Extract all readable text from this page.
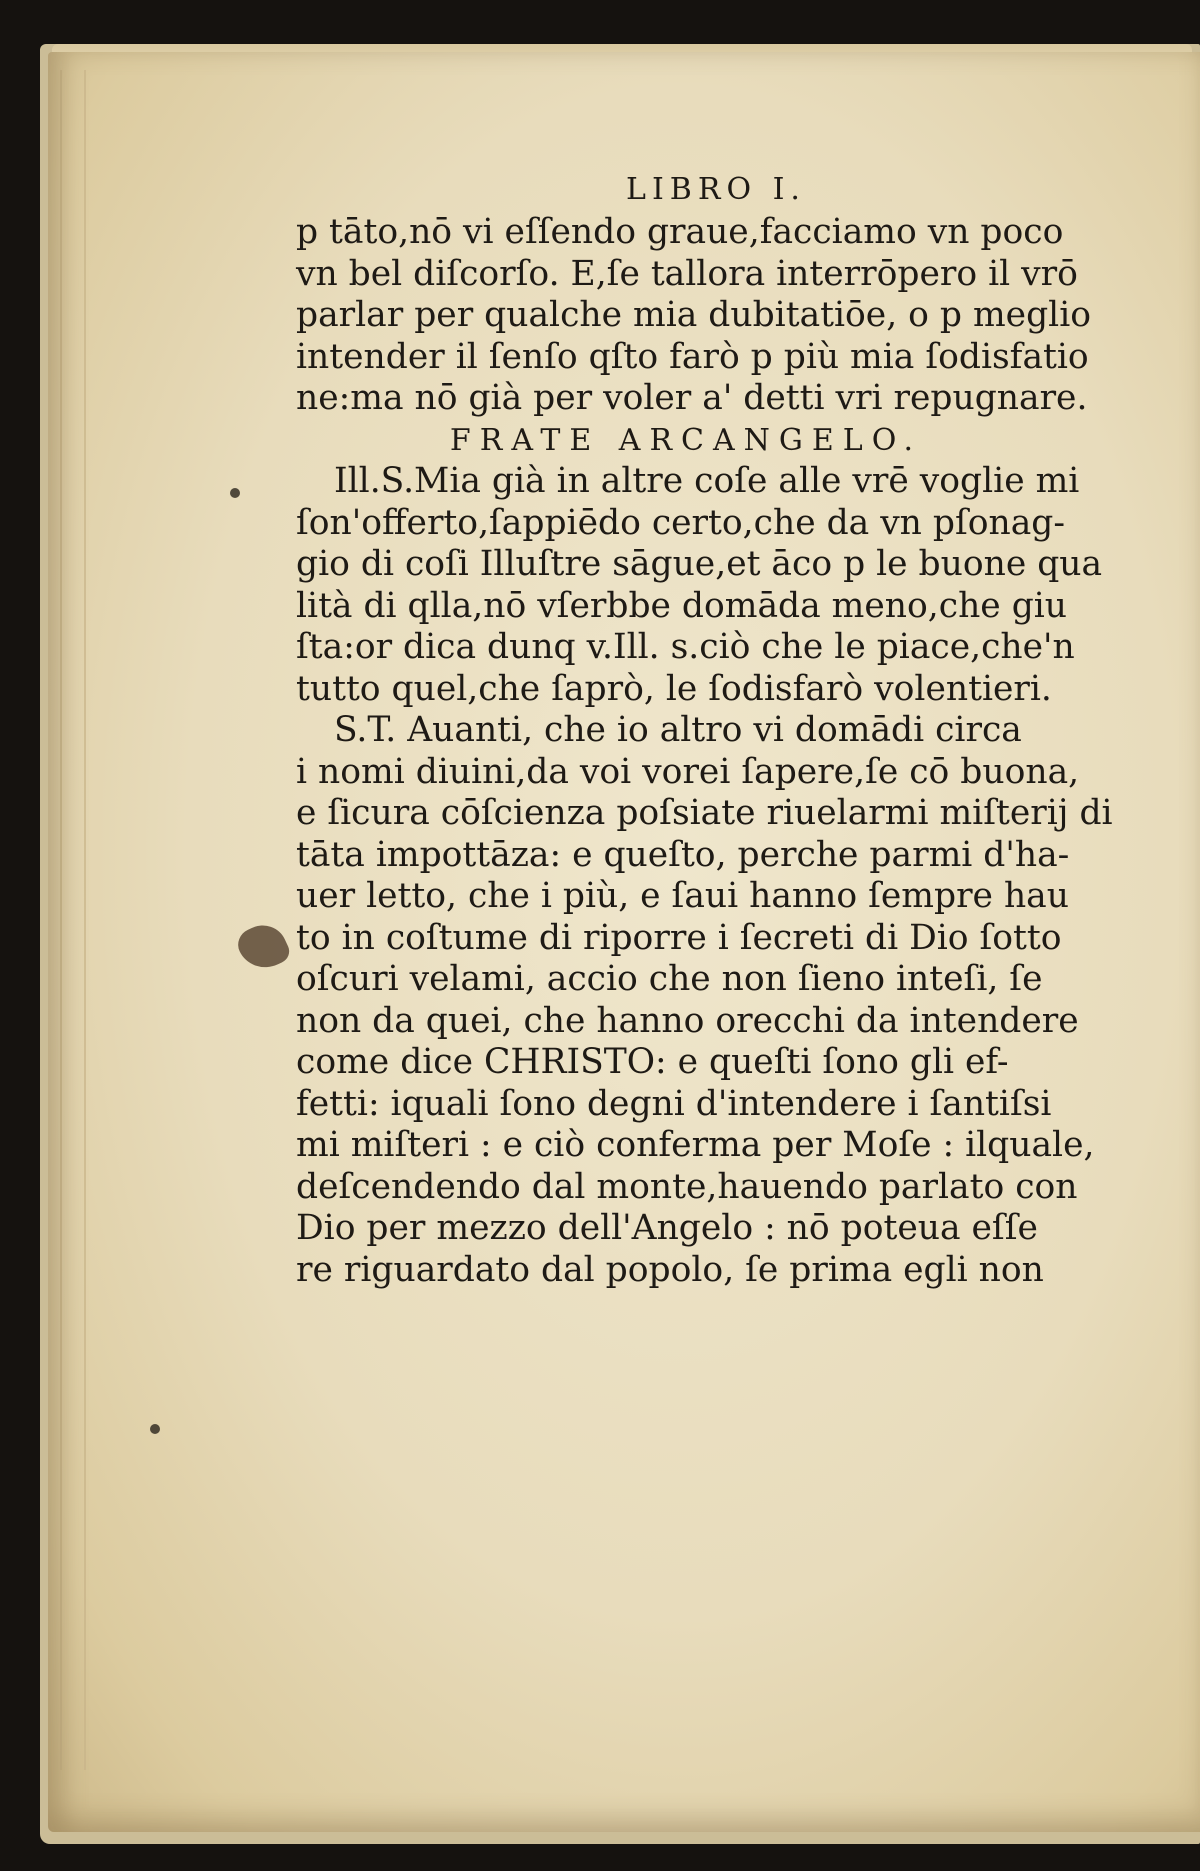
LIBRO I.

p tāto,nō vi eſſendo graue,facciamo vn poco

vn bel diſcorſo. E,ſe tallora interrōpero il vrō

parlar per qualche mia dubitatiōe, o p meglio

intender il ſenſo qſto farò p più mia ſodisfatio

ne:ma nō già per voler a' detti vri repugnare.

FRATE ARCANGELO.

Ill.S.Mia già in altre coſe alle vrē voglie mi

ſon'offerto,ſappiēdo certo,che da vn pſonag-

gio di coſi Illuſtre sāgue,et āco p le buone qua

lità di qlla,nō vſerbbe domāda meno,che giu

ſta:or dica dunq v.Ill. s.ciò che le piace,che'n

tutto quel,che ſaprò, le ſodisfarò volentieri.

S.T. Auanti, che io altro vi domādi circa

i nomi diuini,da voi vorei ſapere,ſe cō buona,

e ſicura cōſcienza poſsiate riuelarmi miſterij di

tāta impottāza: e queſto, perche parmi d'ha-

uer letto, che i più, e ſaui hanno ſempre hau

to in coſtume di riporre i ſecreti di Dio ſotto

oſcuri velami, accio che non ſieno inteſi, ſe

non da quei, che hanno orecchi da intendere

come dice CHRISTO: e queſti ſono gli ef-

fetti: iquali ſono degni d'intendere i ſantiſsi

mi miſteri : e ciò conferma per Moſe : ilquale,

deſcendendo dal monte,hauendo parlato con

Dio per mezzo dell'Angelo : nō poteua eſſe

re riguardato dal popolo, ſe prima egli non
